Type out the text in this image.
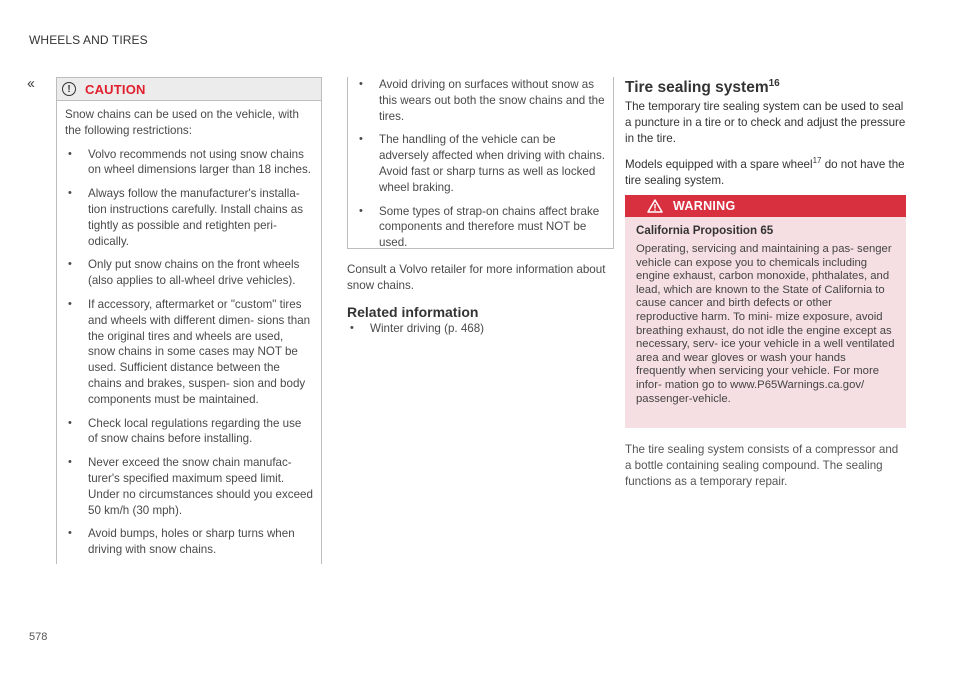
WHEELS AND TIRES
‹‹	!	CAUTION

Snow chains can be used on the vehicle, with the following restrictions:

• Volvo recommends not using snow chains on wheel dimensions larger than 18 inches.
• Always follow the manufacturer's installa- tion instructions carefully. Install chains as tightly as possible and retighten peri- odically.
• Only put snow chains on the front wheels (also applies to all-wheel drive vehicles).
• If accessory, aftermarket or "custom" tires and wheels with different dimen- sions than the original tires and wheels are used, snow chains in some cases may NOT be used. Sufficient distance between the chains and brakes, suspen- sion and body components must be maintained.
• Check local regulations regarding the use of snow chains before installing.
• Never exceed the snow chain manufac- turer's specified maximum speed limit. Under no circumstances should you exceed 50 km/h (30 mph).
• Avoid bumps, holes or sharp turns when driving with snow chains.
• Avoid driving on surfaces without snow as this wears out both the snow chains and the tires.
• The handling of the vehicle can be adversely affected when driving with chains. Avoid fast or sharp turns as well as locked wheel braking.
• Some types of strap-on chains affect brake components and therefore must NOT be used.
Consult a Volvo retailer for more information about snow chains.
Related information
• Winter driving (p. 468)
Tire sealing system$^{16}$
The temporary tire sealing system can be used to seal a puncture in a tire or to check and adjust the pressure in the tire.
Models equipped with a spare wheel$^{17}$ do not have the tire sealing system.
WARNING
California Proposition 65
Operating, servicing and maintaining a pas- senger vehicle can expose you to chemicals including engine exhaust, carbon monoxide, phthalates, and lead, which are known to the State of California to cause cancer and birth defects or other reproductive harm. To mini- mize exposure, avoid breathing exhaust, do not idle the engine except as necessary, serv- ice your vehicle in a well ventilated area and wear gloves or wash your hands frequently when servicing your vehicle. For more infor- mation go to www.P65Warnings.ca.gov/ passenger-vehicle.
The tire sealing system consists of a compressor and a bottle containing sealing compound. The sealing functions as a temporary repair.
578
